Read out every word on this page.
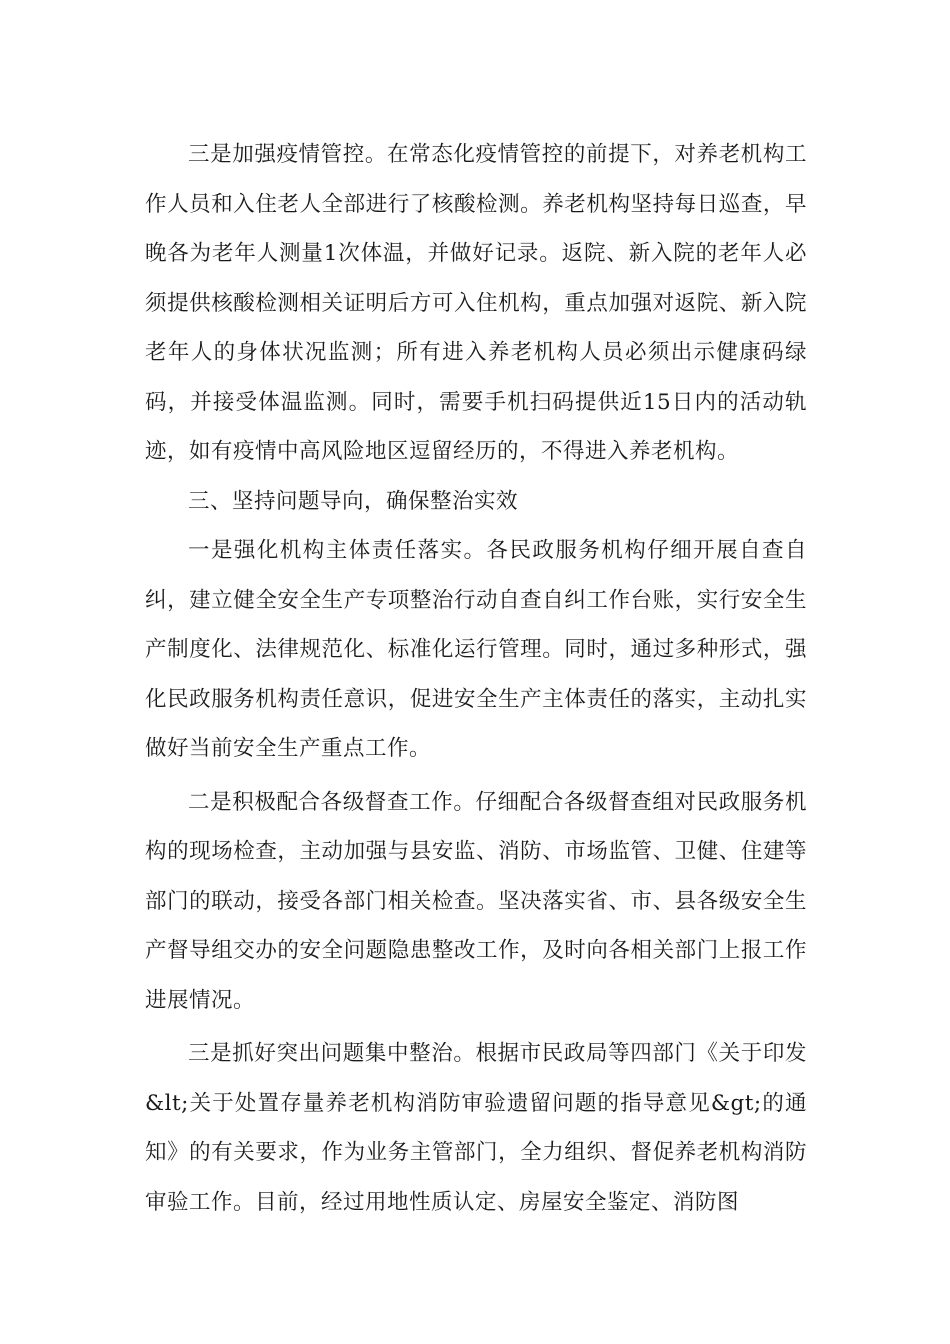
三是加强疫情管控。在常态化疫情管控的前提下，对养老机构工作人员和入住老人全部进行了核酸检测。养老机构坚持每日巡查，早晚各为老年人测量1次体温，并做好记录。返院、新入院的老年人必须提供核酸检测相关证明后方可入住机构，重点加强对返院、新入院老年人的身体状况监测；所有进入养老机构人员必须出示健康码绿码，并接受体温监测。同时，需要手机扫码提供近15日内的活动轨迹，如有疫情中高风险地区逗留经历的，不得进入养老机构。

三、坚持问题导向，确保整治实效

一是强化机构主体责任落实。各民政服务机构仔细开展自查自纠，建立健全安全生产专项整治行动自查自纠工作台账，实行安全生产制度化、法律规范化、标准化运行管理。同时，通过多种形式，强化民政服务机构责任意识，促进安全生产主体责任的落实，主动扎实做好当前安全生产重点工作。

二是积极配合各级督查工作。仔细配合各级督查组对民政服务机构的现场检查，主动加强与县安监、消防、市场监管、卫健、住建等部门的联动，接受各部门相关检查。坚决落实省、市、县各级安全生产督导组交办的安全问题隐患整改工作，及时向各相关部门上报工作进展情况。

三是抓好突出问题集中整治。根据市民政局等四部门《关于印发&lt;关于处置存量养老机构消防审验遗留问题的指导意见&gt;的通知》的有关要求，作为业务主管部门，全力组织、督促养老机构消防审验工作。目前，经过用地性质认定、房屋安全鉴定、消防图
